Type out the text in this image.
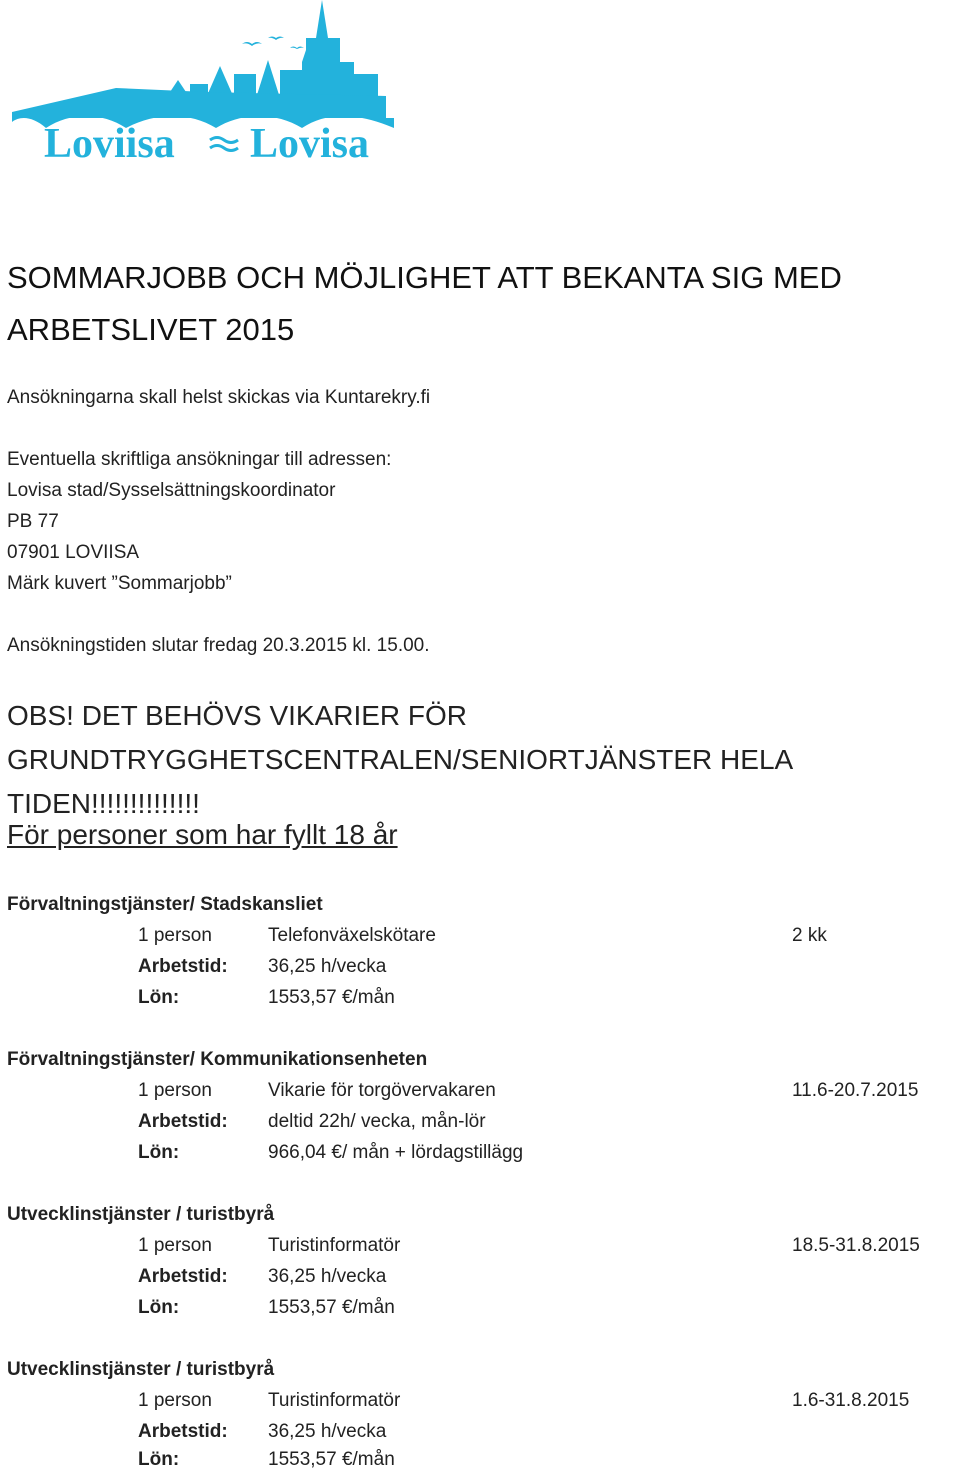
Loviisa Lovisa
SOMMARJOBB OCH MÖJLIGHET ATT BEKANTA SIG MED
ARBETSLIVET 2015

Ansökningarna skall helst skickas via Kuntarekry.fi

Eventuella skriftliga ansökningar till adressen:

Lovisa stad/Sysselsättningskoordinator

PB 77

07901 LOVIISA

Märk kuvert ”Sommarjobb”

Ansökningstiden slutar fredag 20.3.2015 kl. 15.00.

OBS! DET BEHÖVS VIKARIER FÖR
GRUNDTRYGGHETSCENTRALEN/SENIORTJÄNSTER HELA TIDEN!!!!!!!!!!!!!!

För personer som har fyllt 18 år

Förvaltningstjänster/ Stadskansliet
1 person	Telefonväxelskötare	2 kk
Arbetstid: 36,25 h/vecka
Lön:	1553,57 €/mån
Förvaltningstjänster/ Kommunikationsenheten
1 person	Vikarie för torgövervakaren	11.6-20.7.2015
Arbetstid: deltid 22h/ vecka, mån-lör
Lön:	966,04 €/ mån + lördagstillägg
Utvecklinstjänster / turistbyrå
1 person	Turistinformatör	18.5-31.8.2015
Arbetstid: 36,25 h/vecka
Lön:	1553,57 €/mån
Utvecklinstjänster / turistbyrå
1 person	Turistinformatör	1.6-31.8.2015
Arbetstid: 36,25 h/vecka
Lön:	1553,57 €/mån
